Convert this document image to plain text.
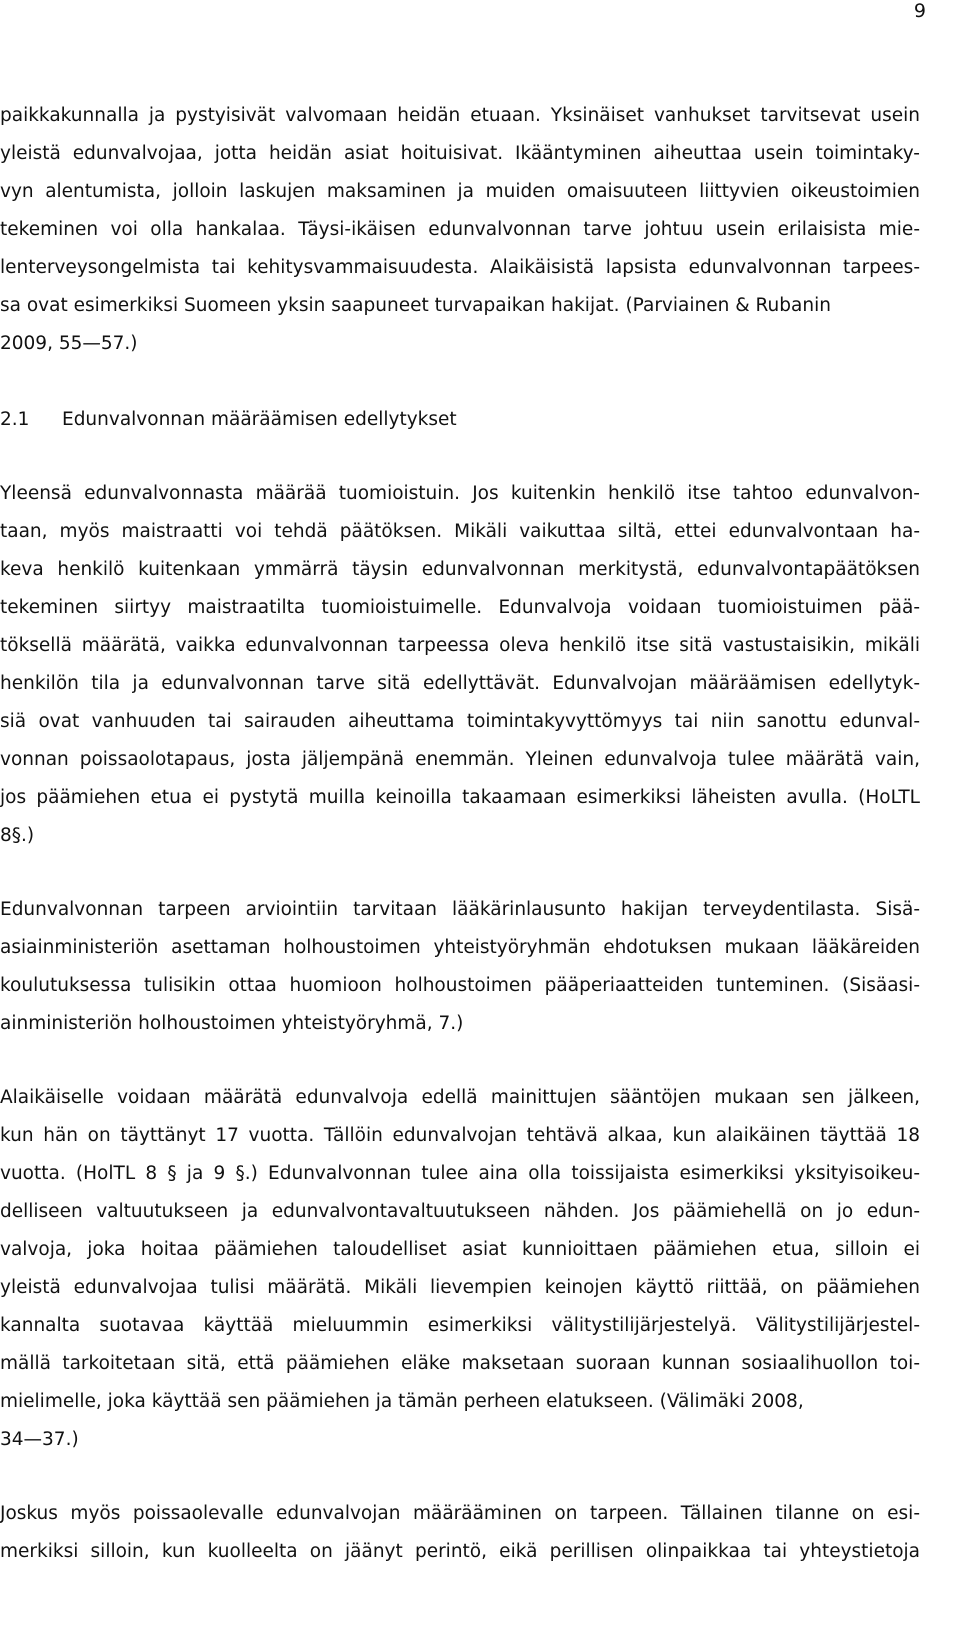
9
paikkakunnalla ja pystyisivät valvomaan heidän etuaan. Yksinäiset vanhukset tarvitsevat usein
yleistä edunvalvojaa, jotta heidän asiat hoituisivat. Ikääntyminen aiheuttaa usein toimintaky-
vyn alentumista, jolloin laskujen maksaminen ja muiden omaisuuteen liittyvien oikeustoimien
tekeminen voi olla hankalaa. Täysi-ikäisen edunvalvonnan tarve johtuu usein erilaisista mie-
lenterveysongelmista tai kehitysvammaisuudesta. Alaikäisistä lapsista edunvalvonnan tarpees-
sa ovat esimerkiksi Suomeen yksin saapuneet turvapaikan hakijat. (Parviainen & Rubanin
2009, 55—57.)
2.1 Edunvalvonnan määräämisen edellytykset
Yleensä edunvalvonnasta määrää tuomioistuin. Jos kuitenkin henkilö itse tahtoo edunvalvon-
taan, myös maistraatti voi tehdä päätöksen. Mikäli vaikuttaa siltä, ettei edunvalvontaan ha-
keva henkilö kuitenkaan ymmärrä täysin edunvalvonnan merkitystä, edunvalvontapäätöksen
tekeminen siirtyy maistraatilta tuomioistuimelle. Edunvalvoja voidaan tuomioistuimen pää-
töksellä määrätä, vaikka edunvalvonnan tarpeessa oleva henkilö itse sitä vastustaisikin, mikäli
henkilön tila ja edunvalvonnan tarve sitä edellyttävät. Edunvalvojan määräämisen edellytyk-
siä ovat vanhuuden tai sairauden aiheuttama toimintakyvyttömyys tai niin sanottu edunval-
vonnan poissaolotapaus, josta jäljempänä enemmän. Yleinen edunvalvoja tulee määrätä vain,
jos päämiehen etua ei pystytä muilla keinoilla takaamaan esimerkiksi läheisten avulla. (HoLTL
8§.)
Edunvalvonnan tarpeen arviointiin tarvitaan lääkärinlausunto hakijan terveydentilasta. Sisä-
asiainministeriön asettaman holhoustoimen yhteistyöryhmän ehdotuksen mukaan lääkäreiden
koulutuksessa tulisikin ottaa huomioon holhoustoimen pääperiaatteiden tunteminen. (Sisäasi-
ainministeriön holhoustoimen yhteistyöryhmä, 7.)
Alaikäiselle voidaan määrätä edunvalvoja edellä mainittujen sääntöjen mukaan sen jälkeen,
kun hän on täyttänyt 17 vuotta. Tällöin edunvalvojan tehtävä alkaa, kun alaikäinen täyttää 18
vuotta. (HolTL 8 § ja 9 §.) Edunvalvonnan tulee aina olla toissijaista esimerkiksi yksityisoikeu-
delliseen valtuutukseen ja edunvalvontavaltuutukseen nähden. Jos päämiehellä on jo edun-
valvoja, joka hoitaa päämiehen taloudelliset asiat kunnioittaen päämiehen etua, silloin ei
yleistä edunvalvojaa tulisi määrätä. Mikäli lievempien keinojen käyttö riittää, on päämiehen
kannalta suotavaa käyttää mieluummin esimerkiksi välitystilijärjestelyä. Välitystilijärjestel-
mällä tarkoitetaan sitä, että päämiehen eläke maksetaan suoraan kunnan sosiaalihuollon toi-
mielimelle, joka käyttää sen päämiehen ja tämän perheen elatukseen. (Välimäki 2008,
34—37.)
Joskus myös poissaolevalle edunvalvojan määrääminen on tarpeen. Tällainen tilanne on esi-
merkiksi silloin, kun kuolleelta on jäänyt perintö, eikä perillisen olinpaikkaa tai yhteystietoja
